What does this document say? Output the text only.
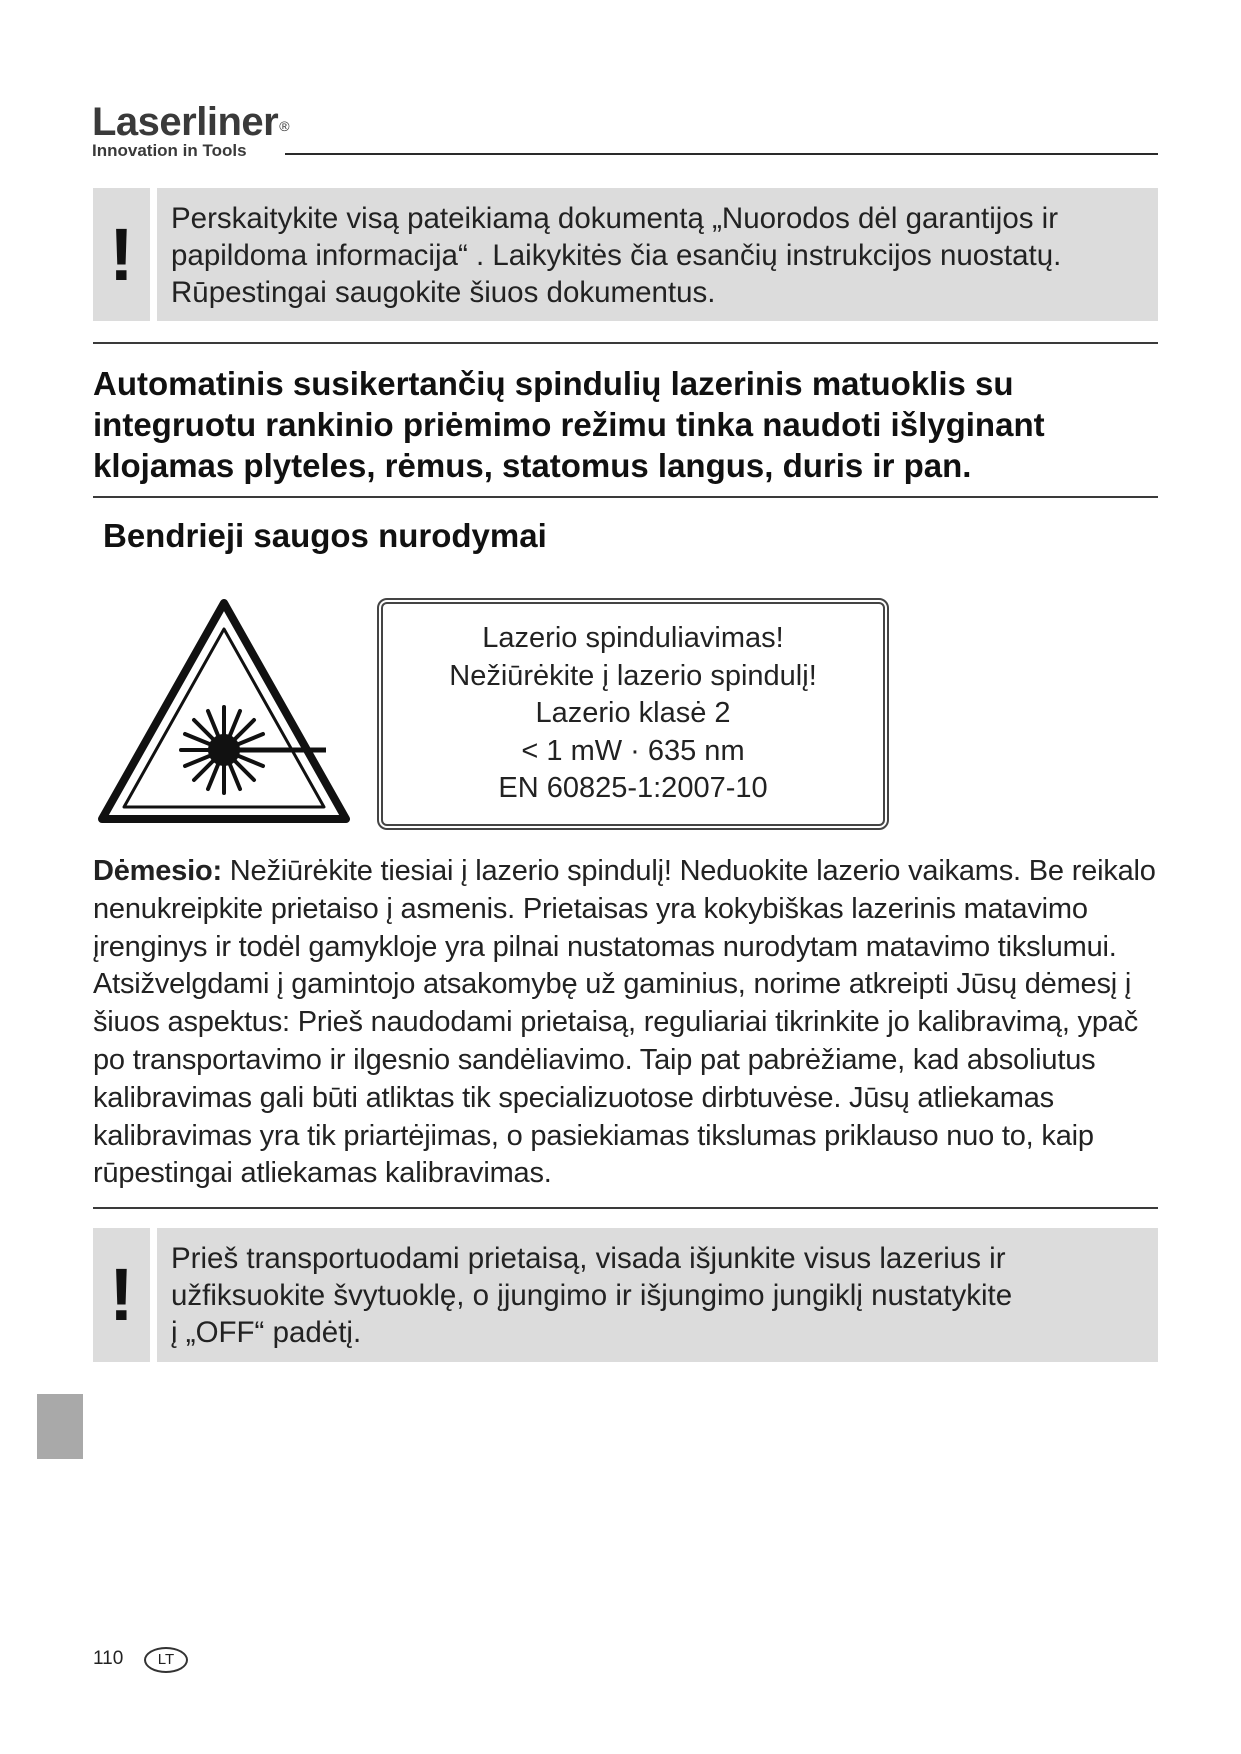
Laserliner®
Innovation in Tools
!	Perskaitykite visą pateikiamą dokumentą „Nuorodos dėl garantijos ir

papildoma informacija“ . Laikykitės čia esančių instrukcijos nuostatų.

Rūpestingai saugokite šiuos dokumentus.

Automatinis susikertančių spindulių lazerinis matuoklis su
integruotu rankinio priėmimo režimu tinka naudoti išlyginant
klojamas plyteles, rėmus, statomus langus, duris ir pan.
Bendrieji saugos nurodymai
Lazerio spinduliavimas!
Nežiūrėkite į lazerio spindulį!
Lazerio klasė 2
< 1 mW · 635 nm
EN 60825-1:2007-10
Dėmesio: Nežiūrėkite tiesiai į lazerio spindulį! Neduokite lazerio vaikams. Be reikalo nenukreipkite prietaiso į asmenis. Prietaisas yra kokybiškas lazerinis matavimo įrenginys ir todėl gamykloje yra pilnai nustatomas nurodytam matavimo tikslumui. Atsižvelgdami į gamintojo atsakomybę už gaminius, norime atkreipti Jūsų dėmesį į šiuos aspektus: Prieš naudodami prietaisą, reguliariai tikrinkite jo kalibravimą, ypač po transportavimo ir ilgesnio sandėliavimo. Taip pat pabrėžiame, kad absoliutus kalibravimas gali būti atliktas tik specializuotose dirbtuvėse. Jūsų atliekamas kalibravimas yra tik priartėjimas, o pasiekiamas tikslumas priklauso nuo to, kaip rūpestingai atliekamas kalibravimas.
!	Prieš transportuodami prietaisą, visada išjunkite visus lazerius ir

užfiksuokite švytuoklę, o įjungimo ir išjungimo jungiklį nustatykite

į „OFF“ padėtį.

110	LT
